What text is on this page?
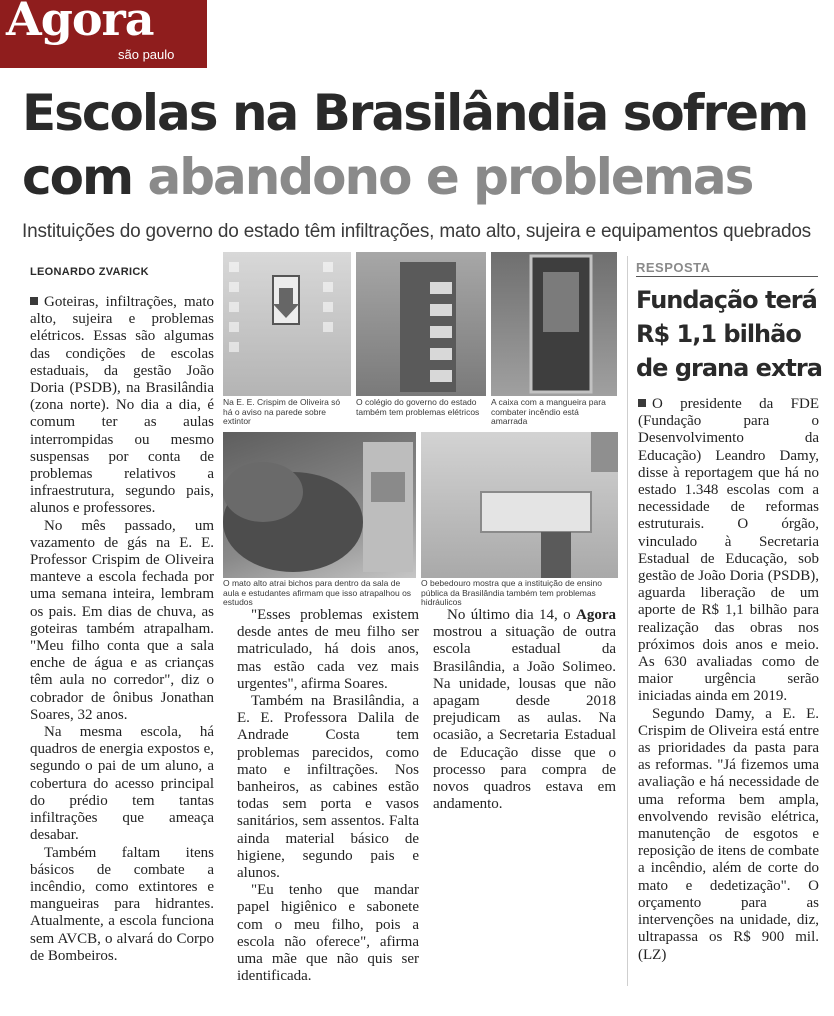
Agora
são paulo
Escolas na Brasilândia sofrem
com abandono e problemas
Instituições do governo do estado têm infiltrações, mato alto, sujeira e equipamentos quebrados
LEONARDO ZVARICK

Goteiras, infiltrações, mato alto, sujeira e problemas elétricos. Essas são algumas das condições de escolas estaduais, da gestão João Doria (PSDB), na Brasilândia (zona norte). No dia a dia, é comum ter as aulas interrompidas ou mesmo suspensas por conta de problemas relativos a infraestrutura, segundo pais, alunos e professores.

No mês passado, um vazamento de gás na E. E. Professor Crispim de Oliveira manteve a escola fechada por uma semana inteira, lembram os pais. Em dias de chuva, as goteiras também atrapalham. "Meu filho conta que a sala enche de água e as crianças têm aula no corredor", diz o cobrador de ônibus Jonathan Soares, 32 anos.

Na mesma escola, há quadros de energia expostos e, segundo o pai de um aluno, a cobertura do acesso principal do prédio tem tantas infiltrações que ameaça desabar.

Também faltam itens básicos de combate a incêndio, como extintores e mangueiras para hidrantes. Atualmente, a escola funciona sem AVCB, o alvará do Corpo de Bombeiros.

Na E. E. Crispim de Oliveira só há o aviso na parede sobre extintor
O colégio do governo do estado também tem problemas elétricos
A caixa com a mangueira para combater incêndio está amarrada
O mato alto atrai bichos para dentro da sala de aula e estudantes afirmam que isso atrapalhou os estudos
O bebedouro mostra que a instituição de ensino pública da Brasilândia também tem problemas hidráulicos

"Esses problemas existem desde antes de meu filho ser matriculado, há dois anos, mas estão cada vez mais urgentes", afirma Soares.

Também na Brasilândia, a E. E. Professora Dalila de Andrade Costa tem problemas parecidos, como mato e infiltrações. Nos banheiros, as cabines estão todas sem porta e vasos sanitários, sem assentos. Falta ainda material básico de higiene, segundo pais e alunos.

"Eu tenho que mandar papel higiênico e sabonete com o meu filho, pois a escola não oferece", afirma uma mãe que não quis ser identificada.

No último dia 14, o Agora mostrou a situação de outra escola estadual da Brasilândia, a João Solimeo. Na unidade, lousas que não apagam desde 2018 prejudicam as aulas. Na ocasião, a Secretaria Estadual de Educação disse que o processo para compra de novos quadros estava em andamento.

RESPOSTA
Fundação terá
R$ 1,1 bilhão
de grana extra

O presidente da FDE (Fundação para o Desenvolvimento da Educação) Leandro Damy, disse à reportagem que há no estado 1.348 escolas com a necessidade de reformas estruturais. O órgão, vinculado à Secretaria Estadual de Educação, sob gestão de João Doria (PSDB), aguarda liberação de um aporte de R$ 1,1 bilhão para realização das obras nos próximos dois anos e meio. As 630 avaliadas como de maior urgência serão iniciadas ainda em 2019.

Segundo Damy, a E. E. Crispim de Oliveira está entre as prioridades da pasta para as reformas. "Já fizemos uma avaliação e há necessidade de uma reforma bem ampla, envolvendo revisão elétrica, manutenção de esgotos e reposição de itens de combate a incêndio, além de corte do mato e dedetização". O orçamento para as intervenções na unidade, diz, ultrapassa os R$ 900 mil. (LZ)
